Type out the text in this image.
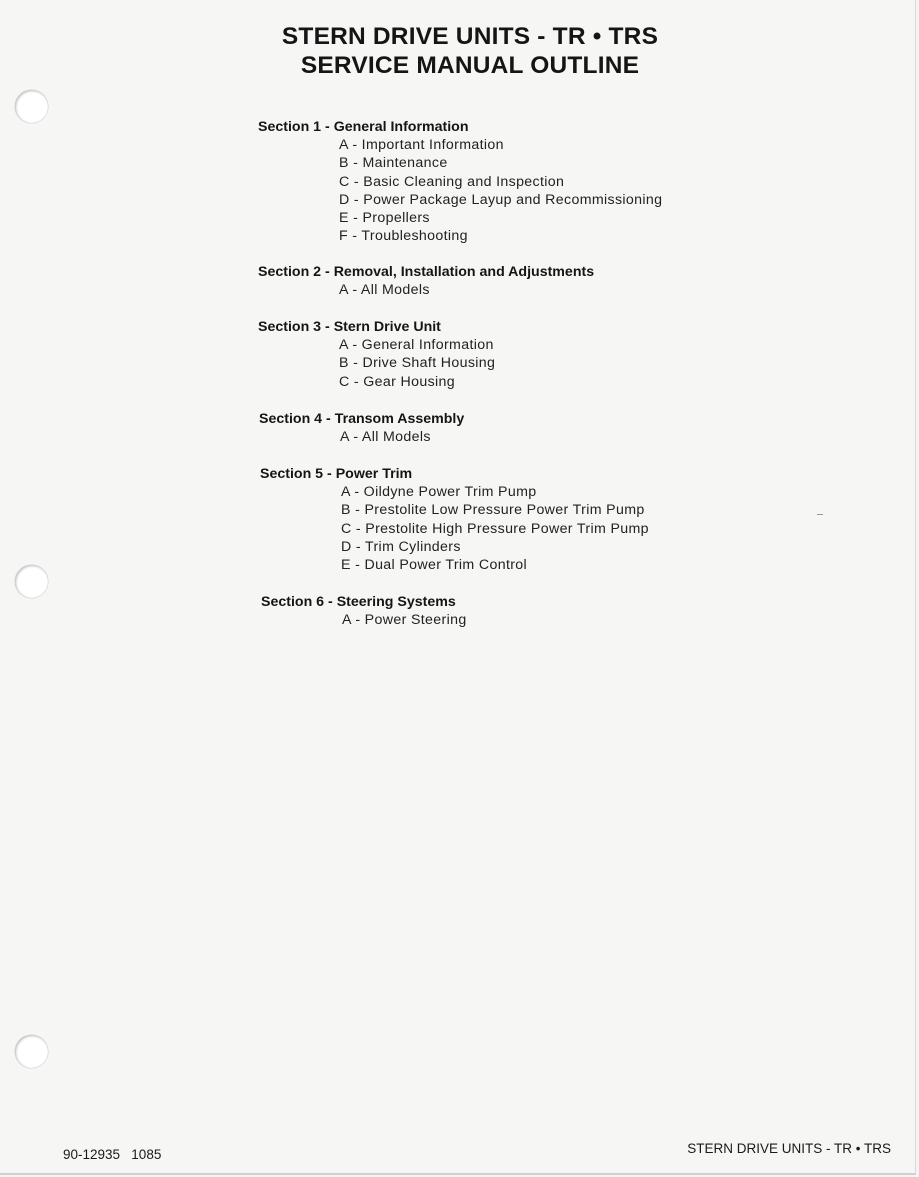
STERN DRIVE UNITS - TR • TRS
SERVICE MANUAL OUTLINE
Section 1 - General Information
A - Important Information
B - Maintenance
C - Basic Cleaning and Inspection
D - Power Package Layup and Recommissioning
E - Propellers
F - Troubleshooting
Section 2 - Removal, Installation and Adjustments
A - All Models
Section 3 - Stern Drive Unit
A - General Information
B - Drive Shaft Housing
C - Gear Housing
Section 4 - Transom Assembly
A - All Models
Section 5 - Power Trim
A - Oildyne Power Trim Pump
B - Prestolite Low Pressure Power Trim Pump
C - Prestolite High Pressure Power Trim Pump
D - Trim Cylinders
E - Dual Power Trim Control
Section 6 - Steering Systems
A - Power Steering
90-12935   1085	STERN DRIVE UNITS - TR • TRS
